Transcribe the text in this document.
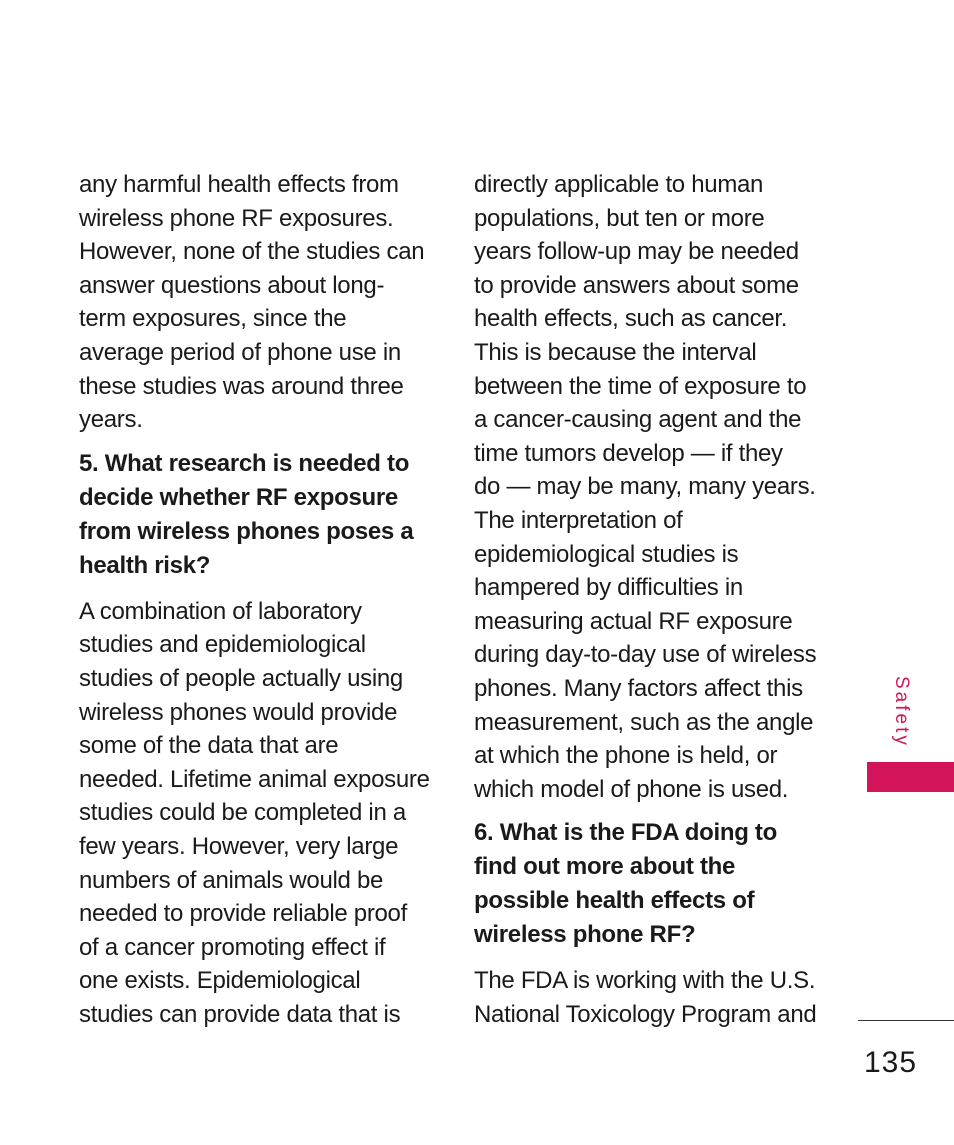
any harmful health effects from
wireless phone RF exposures.
However, none of the studies can
answer questions about long-
term exposures, since the
average period of phone use in
these studies was around three
years.
5. What research is needed to
decide whether RF exposure
from wireless phones poses a
health risk?
A combination of laboratory
studies and epidemiological
studies of people actually using
wireless phones would provide
some of the data that are
needed. Lifetime animal exposure
studies could be completed in a
few years. However, very large
numbers of animals would be
needed to provide reliable proof
of a cancer promoting effect if
one exists. Epidemiological
studies can provide data that is
directly applicable to human
populations, but ten or more
years follow-up may be needed
to provide answers about some
health effects, such as cancer.
This is because the interval
between the time of exposure to
a cancer-causing agent and the
time tumors develop — if they
do — may be many, many years.
The interpretation of
epidemiological studies is
hampered by difficulties in
measuring actual RF exposure
during day-to-day use of wireless
phones. Many factors affect this
measurement, such as the angle
at which the phone is held, or
which model of phone is used.
6. What is the FDA doing to
find out more about the
possible health effects of
wireless phone RF?
The FDA is working with the U.S.
National Toxicology Program and
Safety
135
